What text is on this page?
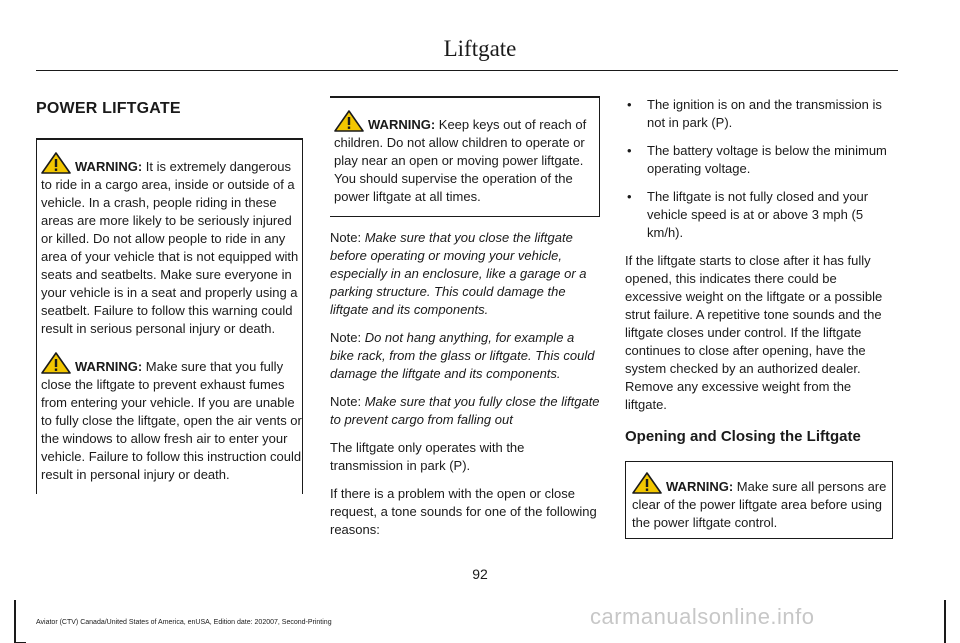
Liftgate
POWER LIFTGATE

WARNING: It is extremely dangerous to ride in a cargo area, inside or outside of a vehicle. In a crash, people riding in these areas are more likely to be seriously injured or killed. Do not allow people to ride in any area of your vehicle that is not equipped with seats and seatbelts. Make sure everyone in your vehicle is in a seat and properly using a seatbelt. Failure to follow this warning could result in serious personal injury or death.

WARNING: Make sure that you fully close the liftgate to prevent exhaust fumes from entering your vehicle. If you are unable to fully close the liftgate, open the air vents or the windows to allow fresh air to enter your vehicle. Failure to follow this instruction could result in personal injury or death.

WARNING: Keep keys out of reach of children. Do not allow children to operate or play near an open or moving power liftgate. You should supervise the operation of the power liftgate at all times.

Note: Make sure that you close the liftgate before operating or moving your vehicle, especially in an enclosure, like a garage or a parking structure. This could damage the liftgate and its components.

Note: Do not hang anything, for example a bike rack, from the glass or liftgate. This could damage the liftgate and its components.

Note: Make sure that you fully close the liftgate to prevent cargo from falling out

The liftgate only operates with the transmission in park (P).

If there is a problem with the open or close request, a tone sounds for one of the following reasons:

• The ignition is on and the transmission is not in park (P).
• The battery voltage is below the minimum operating voltage.
• The liftgate is not fully closed and your vehicle speed is at or above 3 mph (5 km/h).

If the liftgate starts to close after it has fully opened, this indicates there could be excessive weight on the liftgate or a possible strut failure. A repetitive tone sounds and the liftgate closes under control. If the liftgate continues to close after opening, have the system checked by an authorized dealer. Remove any excessive weight from the liftgate.

Opening and Closing the Liftgate

WARNING: Make sure all persons are clear of the power liftgate area before using the power liftgate control.

92
Aviator (CTV) Canada/United States of America, enUSA, Edition date: 202007, Second-Printing	carmanualsonline.info
